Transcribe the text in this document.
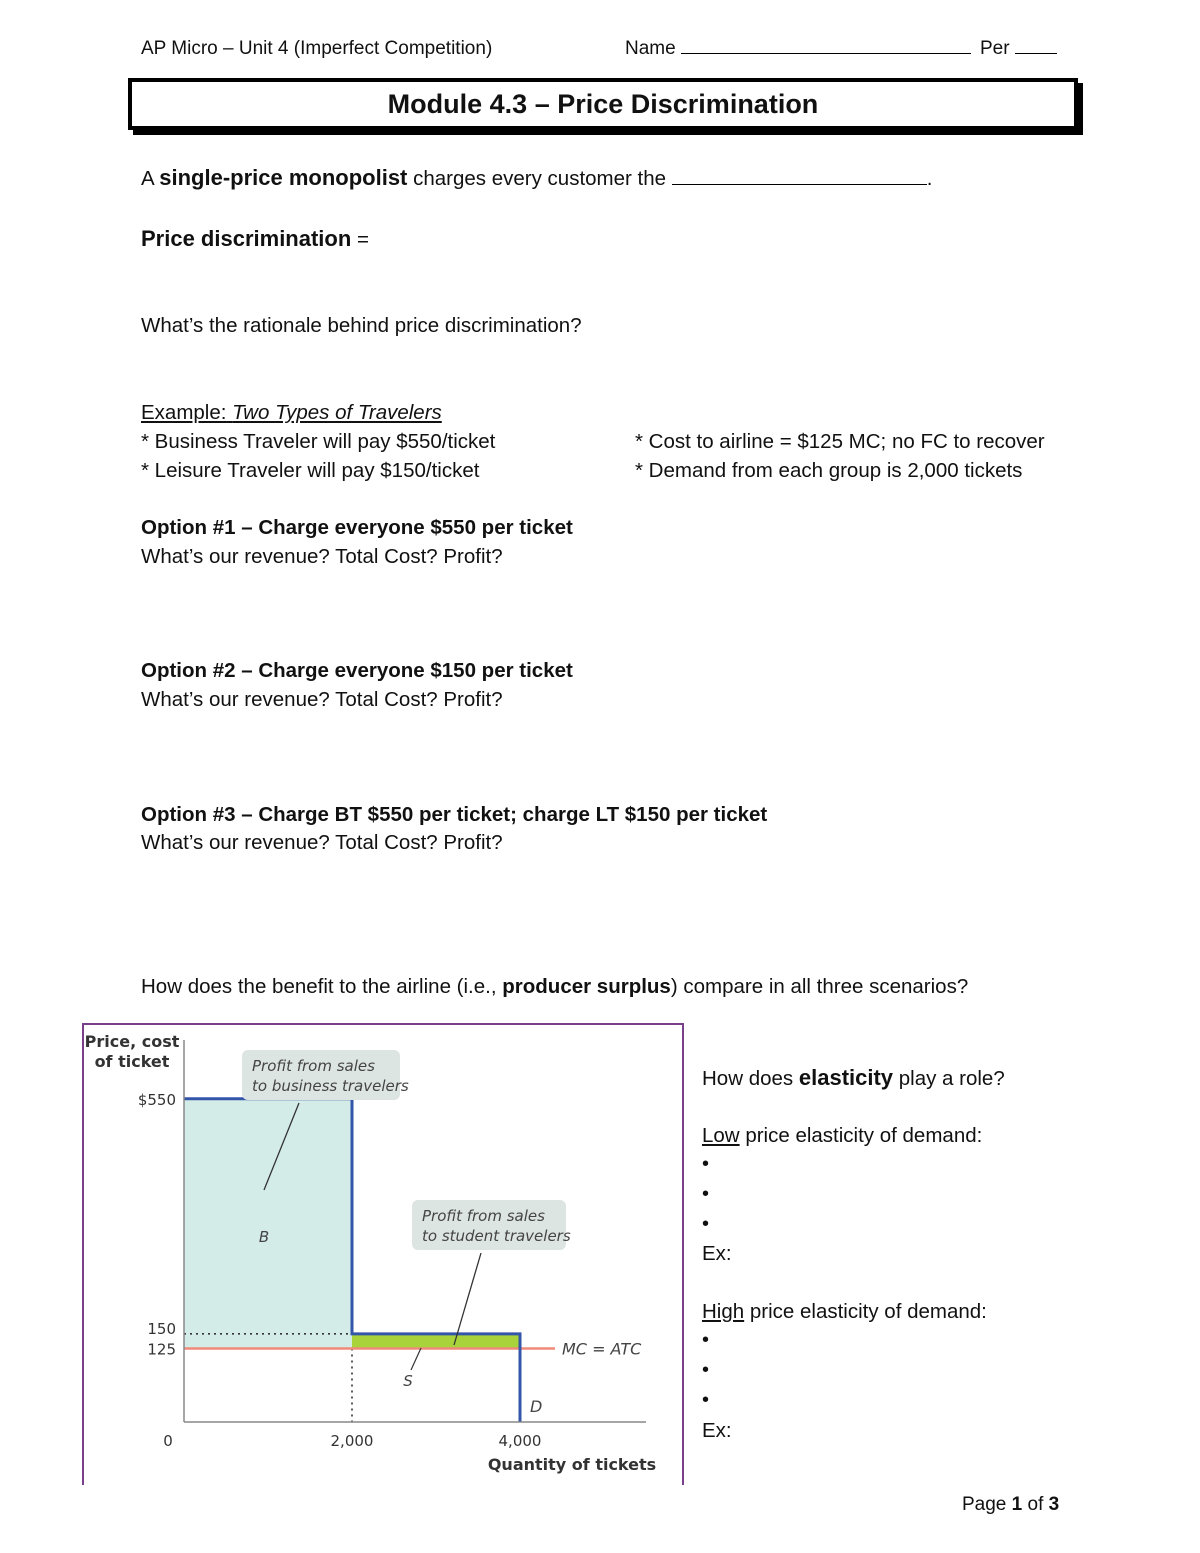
AP Micro – Unit 4 (Imperfect Competition)	Name	Per
Module 4.3 – Price Discrimination
A single-price monopolist charges every customer the	.
Price discrimination =
What’s the rationale behind price discrimination?
Example: Two Types of Travelers
* Business Traveler will pay $550/ticket
* Leisure Traveler will pay $150/ticket
* Cost to airline = $125 MC; no FC to recover
* Demand from each group is 2,000 tickets
Option #1 – Charge everyone $550 per ticket
What’s our revenue? Total Cost? Profit?
Option #2 – Charge everyone $150 per ticket
What’s our revenue? Total Cost? Profit?
Option #3 – Charge BT $550 per ticket; charge LT $150 per ticket
What’s our revenue? Total Cost? Profit?
How does the benefit to the airline (i.e., producer surplus) compare in all three scenarios?
Price, cost
of ticket
Quantity of tickets
125
150
$550
0	2,000	4,000
Profit from sales
to business travelers
Profit from sales
to student travelers
B
S
MC = ATC
D
How does elasticity play a role?
Low price elasticity of demand:
•
•
•
Ex:
High price elasticity of demand:
•
•
•
Ex:
Page 1 of 3
